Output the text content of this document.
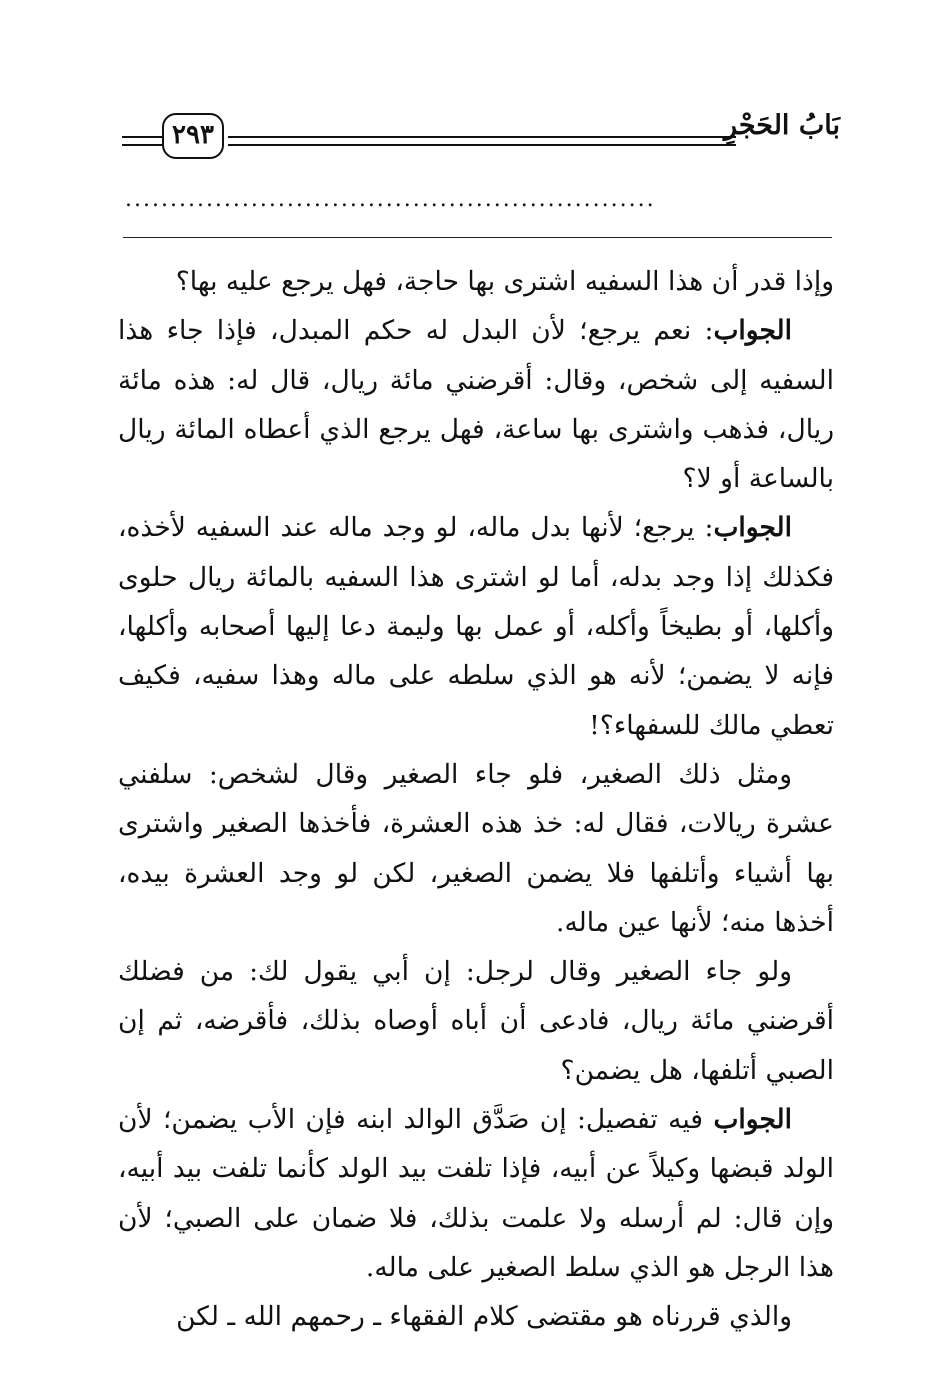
٢٩٣	بَابُ الحَجْرِ
...........................................................

وإذا قدر أن هذا السفيه اشترى بها حاجة، فهل يرجع عليه بها؟

الجواب: نعم يرجع؛ لأن البدل له حكم المبدل، فإذا جاء هذا السفيه إلى شخص، وقال: أقرضني مائة ريال، قال له: هذه مائة ريال، فذهب واشترى بها ساعة، فهل يرجع الذي أعطاه المائة ريال بالساعة أو لا؟

الجواب: يرجع؛ لأنها بدل ماله، لو وجد ماله عند السفيه لأخذه، فكذلك إذا وجد بدله، أما لو اشترى هذا السفيه بالمائة ريال حلوى وأكلها، أو بطيخاً وأكله، أو عمل بها وليمة دعا إليها أصحابه وأكلها، فإنه لا يضمن؛ لأنه هو الذي سلطه على ماله وهذا سفيه، فكيف تعطي مالك للسفهاء؟!

ومثل ذلك الصغير، فلو جاء الصغير وقال لشخص: سلفني عشرة ريالات، فقال له: خذ هذه العشرة، فأخذها الصغير واشترى بها أشياء وأتلفها فلا يضمن الصغير، لكن لو وجد العشرة بيده، أخذها منه؛ لأنها عين ماله.

ولو جاء الصغير وقال لرجل: إن أبي يقول لك: من فضلك أقرضني مائة ريال، فادعى أن أباه أوصاه بذلك، فأقرضه، ثم إن الصبي أتلفها، هل يضمن؟

الجواب فيه تفصيل: إن صَدَّق الوالد ابنه فإن الأب يضمن؛ لأن الولد قبضها وكيلاً عن أبيه، فإذا تلفت بيد الولد كأنما تلفت بيد أبيه، وإن قال: لم أرسله ولا علمت بذلك، فلا ضمان على الصبي؛ لأن هذا الرجل هو الذي سلط الصغير على ماله.

والذي قررناه هو مقتضى كلام الفقهاء ـ رحمهم الله ـ لكن
